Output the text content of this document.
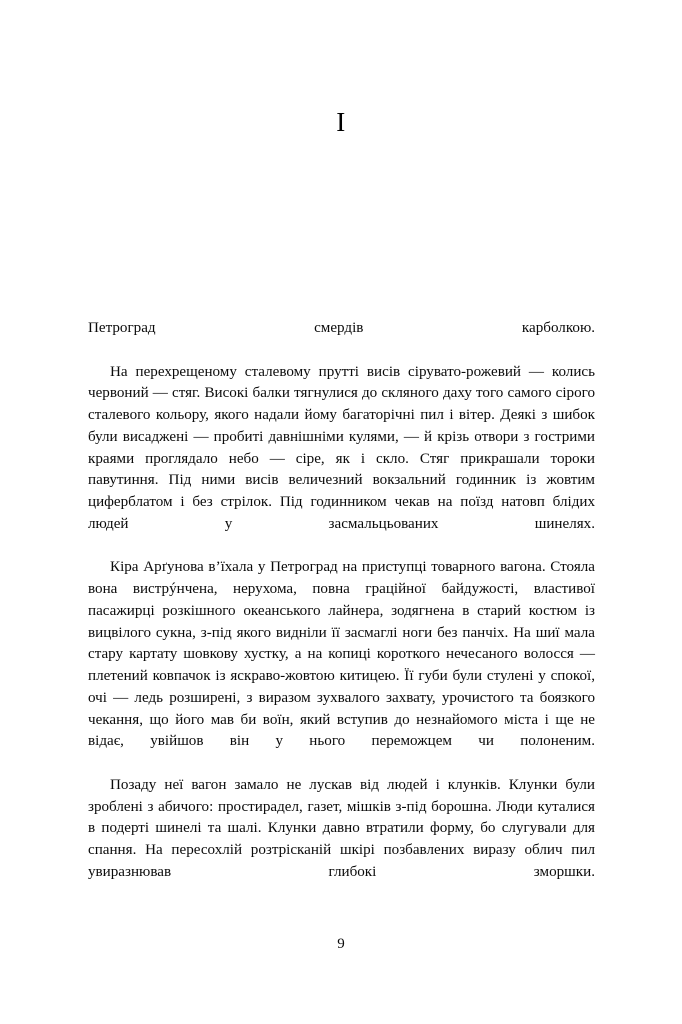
I

Петроград смердів карболкою.

На перехрещеному сталевому прутті висів сірувато-рожевий — колись червоний — стяг. Високі балки тягнулися до скляного даху того самого сірого сталевого кольору, якого надали йому багаторічні пил і вітер. Деякі з шибок були висаджені — пробиті давнішніми кулями, — й крізь отвори з гострими краями проглядало небо — сіре, як і скло. Стяг прикрашали тороки павутиння. Під ними висів величезний вокзальний годинник із жовтим циферблатом і без стрілок. Під годинником чекав на поїзд натовп блідих людей у засмальцьованих шинелях.

Кіра Арґунова в’їхала у Петроград на приступці товарного вагона. Стояла вона вистрýнчена, нерухома, повна граційної байдужості, властивої пасажирці розкішного океанського лайнера, зодягнена в старий костюм із вицвілого сукна, з-під якого видніли її засмаглі ноги без панчіх. На шиї мала стару картату шовкову хустку, а на копиці короткого нечесаного волосся — плетений ковпачок із яскраво-жовтою китицею. Її губи були стулені у спокої, очі — ледь розширені, з виразом зухвалого захвату, урочистого та боязкого чекання, що його мав би воїн, який вступив до незнайомого міста і ще не відає, увійшов він у нього переможцем чи полоненим.

Позаду неї вагон замало не лускав від людей і клунків. Клунки були зроблені з абичого: простирадел, газет, мішків з-під борошна. Люди куталися в подерті шинелі та шалі. Клунки давно втратили форму, бо слугували для спання. На пересохлій розтрісканій шкірі позбавлених виразу облич пил увиразнював глибокі зморшки.

9
